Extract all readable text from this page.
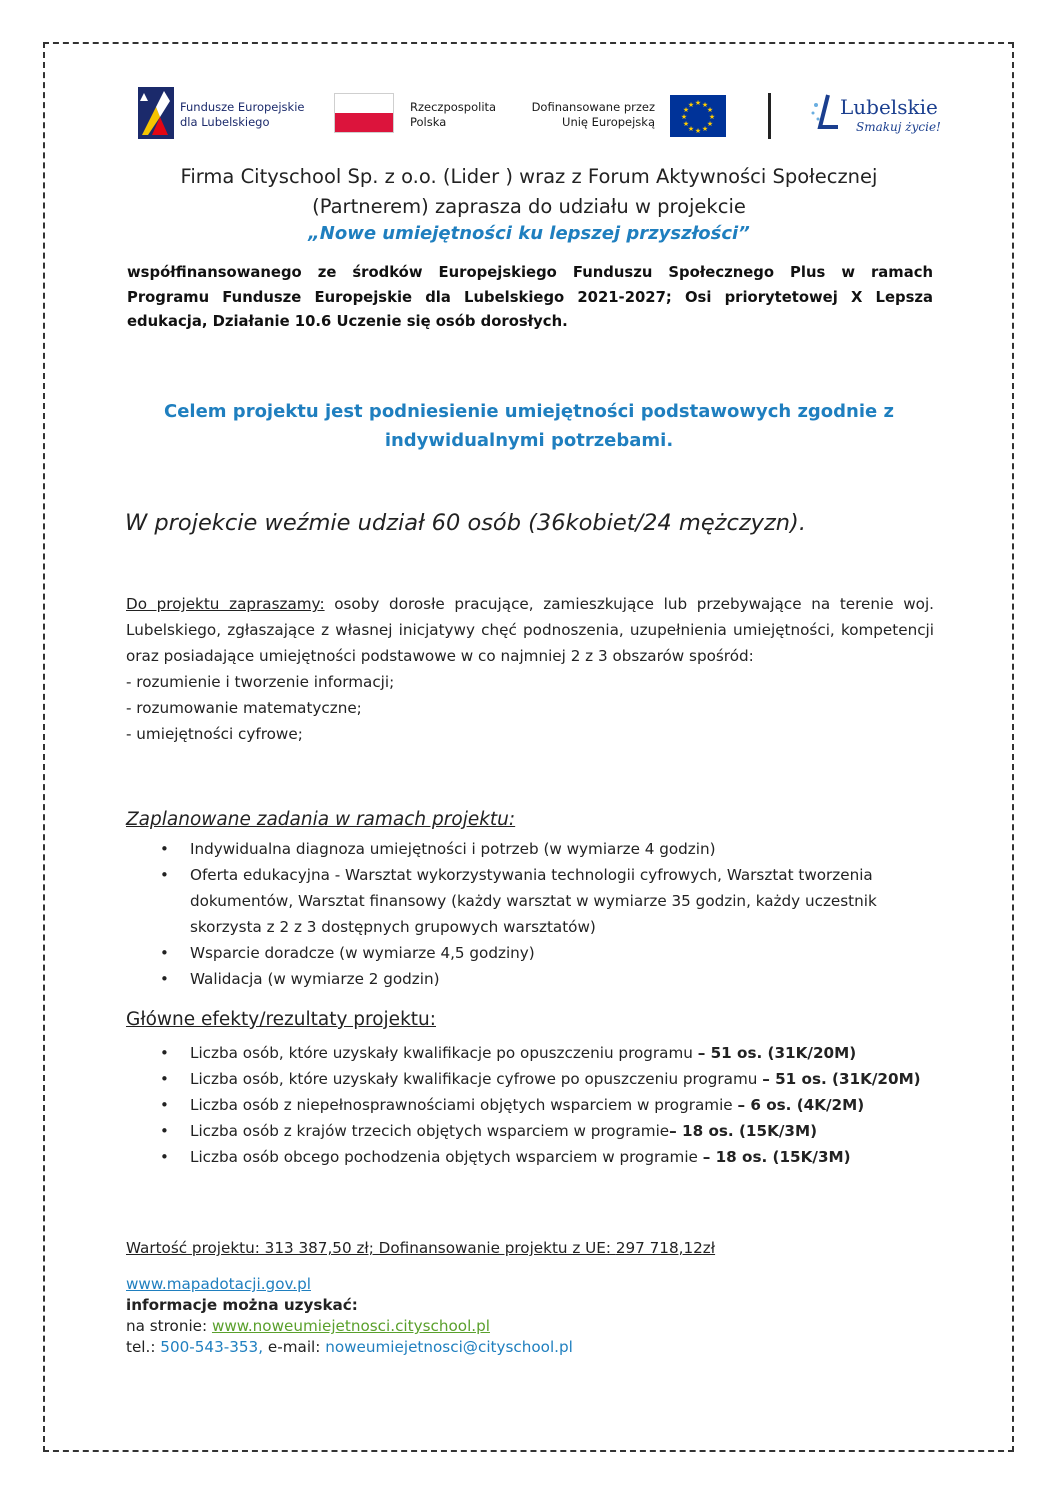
Fundusze Europejskie
dla Lubelskiego
Rzeczpospolita
Polska
Dofinansowane przez
Unię Europejską
★ ★
★
★
★
★
★
★
★
★
★
★	Lubelskie
Smakuj życie!
Firma Cityschool Sp. z o.o. (Lider ) wraz z Forum Aktywności Społecznej
(Partnerem) zaprasza do udziału w projekcie
„Nowe umiejętności ku lepszej przyszłości”
współfinansowanego ze środków Europejskiego Funduszu Społecznego Plus w ramach Programu Fundusze Europejskie dla Lubelskiego 2021-2027; Osi priorytetowej X Lepsza edukacja, Działanie 10.6 Uczenie się osób dorosłych.
Celem projektu jest podniesienie umiejętności podstawowych zgodnie z
indywidualnymi potrzebami.
W projekcie weźmie udział 60 osób (36kobiet/24 mężczyzn).
Do projektu zapraszamy: osoby dorosłe pracujące, zamieszkujące lub przebywające na terenie woj. Lubelskiego, zgłaszające z własnej inicjatywy chęć podnoszenia, uzupełnienia umiejętności, kompetencji oraz posiadające umiejętności podstawowe w co najmniej 2 z 3 obszarów spośród:
- rozumienie i tworzenie informacji;
- rozumowanie matematyczne;
- umiejętności cyfrowe;
Zaplanowane zadania w ramach projektu:
• Indywidualna diagnoza umiejętności i potrzeb (w wymiarze 4 godzin)
• Oferta edukacyjna - Warsztat wykorzystywania technologii cyfrowych, Warsztat tworzenia dokumentów, Warsztat finansowy (każdy warsztat w wymiarze 35 godzin, każdy uczestnik skorzysta z 2 z 3 dostępnych grupowych warsztatów)
• Wsparcie doradcze (w wymiarze 4,5 godziny)
• Walidacja (w wymiarze 2 godzin)
Główne efekty/rezultaty projektu:
• Liczba osób, które uzyskały kwalifikacje po opuszczeniu programu – 51 os. (31K/20M)
• Liczba osób, które uzyskały kwalifikacje cyfrowe po opuszczeniu programu – 51 os. (31K/20M)
• Liczba osób z niepełnosprawnościami objętych wsparciem w programie – 6 os. (4K/2M)
• Liczba osób z krajów trzecich objętych wsparciem w programie– 18 os. (15K/3M)
• Liczba osób obcego pochodzenia objętych wsparciem w programie – 18 os. (15K/3M)
Wartość projektu: 313 387,50 zł; Dofinansowanie projektu z UE: 297 718,12zł
www.mapadotacji.gov.pl
informacje można uzyskać:
na stronie: www.noweumiejetnosci.cityschool.pl
tel.: 500-543-353, e-mail: noweumiejetnosci@cityschool.pl
